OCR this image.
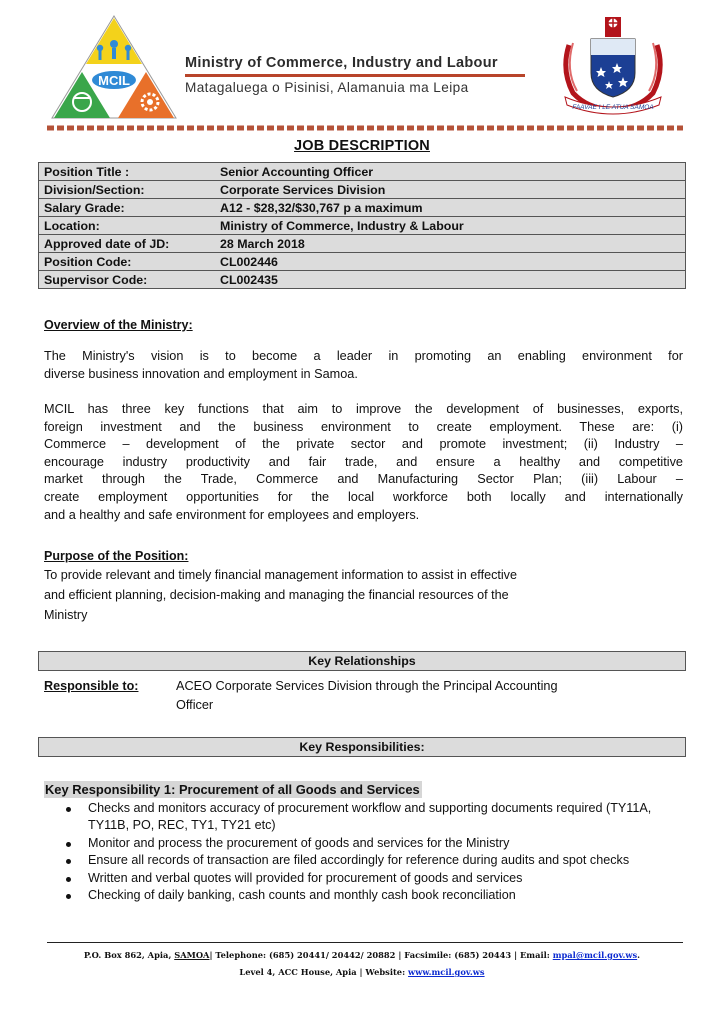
MCIL
Ministry of Commerce, Industry and Labour
Matagaluega o Pisinisi, Alamanuia ma Leipa
FAAVAE I LE ATUA SAMOA
JOB DESCRIPTION
Position Title :	Senior Accounting Officer
Division/Section:	Corporate Services Division
Salary Grade:	A12 - $28,32/$30,767 p a maximum
Location:	Ministry of Commerce, Industry & Labour
Approved date of JD:	28 March 2018
Position Code:	CL002446
Supervisor Code:	CL002435
Overview of the Ministry:
The Ministry's vision is to become a leader in promoting an enabling environment for
diverse business innovation and employment in Samoa.
MCIL has three key functions that aim to improve the development of businesses, exports,
foreign investment and the business environment to create employment. These are: (i)
Commerce – development of the private sector and promote investment; (ii) Industry –
encourage industry productivity and fair trade, and ensure a healthy and competitive
market through the Trade, Commerce and Manufacturing Sector Plan; (iii) Labour –
create employment opportunities for the local workforce both locally and internationally
and a healthy and safe environment for employees and employers.
Purpose of the Position:
To provide relevant and timely financial management information to assist in effective
and efficient planning, decision-making and managing the financial resources of the
Ministry
Key Relationships
Responsible to:	ACEO Corporate Services Division through the Principal Accounting
Officer
Key Responsibilities:
Key Responsibility 1: Procurement of all Goods and Services
Checks and monitors accuracy of procurement workflow and supporting documents required (TY11A, TY11B, PO, REC, TY1, TY21 etc)
Monitor and process the procurement of goods and services for the Ministry
Ensure all records of transaction are filed accordingly for reference during audits and spot checks
Written and verbal quotes will provided for procurement of goods and services
Checking of daily banking, cash counts and monthly cash book reconciliation
P.O. Box 862, Apia, SAMOA| Telephone: (685) 20441/ 20442/ 20882 | Facsimile: (685) 20443 | Email: mpal@mcil.gov.ws.
Level 4, ACC House, Apia | Website: www.mcil.gov.ws
